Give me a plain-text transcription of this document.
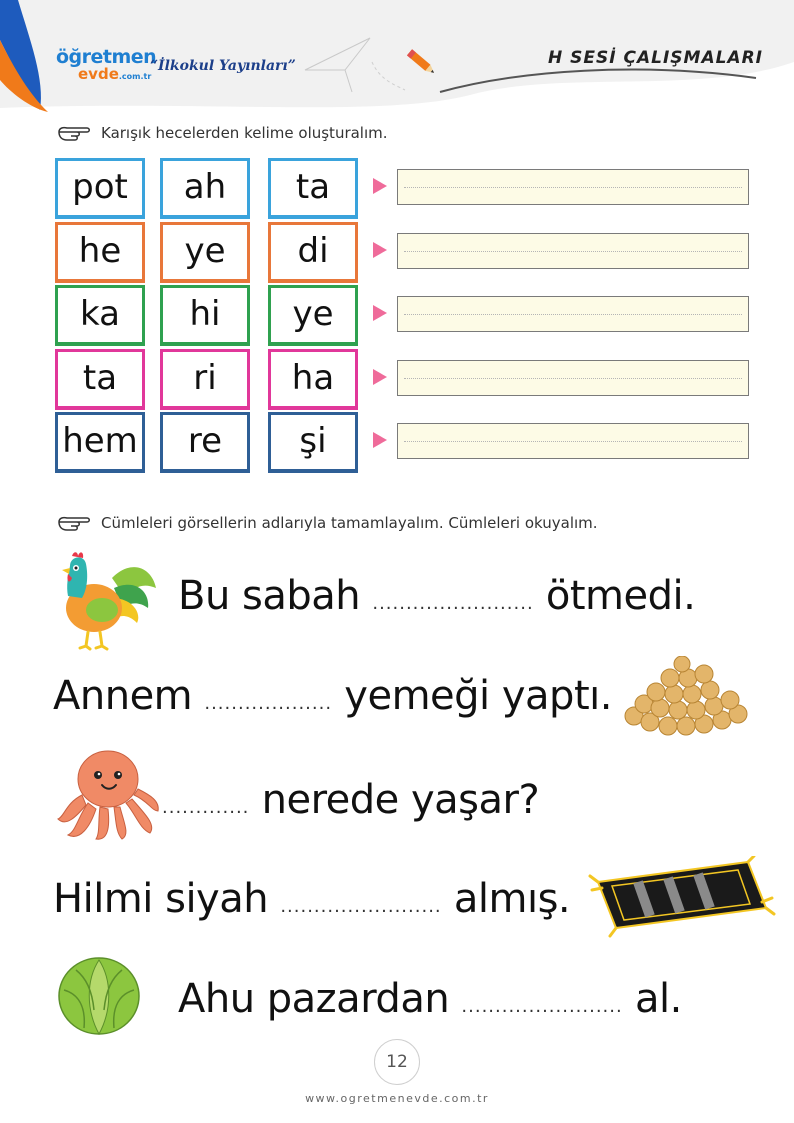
öğretmen
evde.com.tr
“İlkokul Yayınları”	H SESİ ÇALIŞMALARI
Karışık hecelerden kelime oluşturalım.
pot	ah	ta
he	ye	di
ka	hi	ye
ta	ri	ha
hem	re	şi
Cümleleri görsellerin adlarıyla tamamlayalım. Cümleleri okuyalım.
Bu sabah ........................ ötmedi.
Annem ................... yemeği yaptı.
............. nerede yaşar?
Hilmi siyah ........................ almış.
Ahu pazardan ........................ al.
12
www.ogretmenevde.com.tr
